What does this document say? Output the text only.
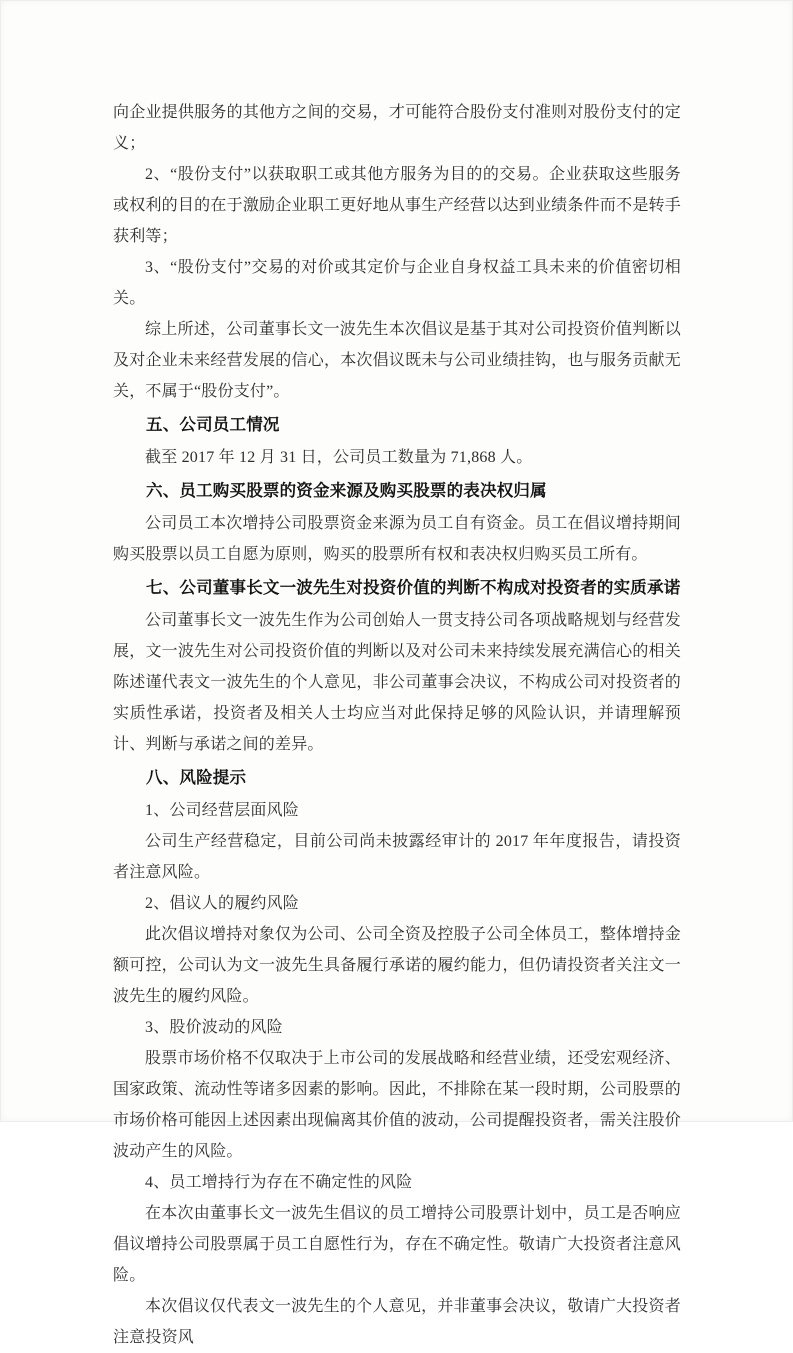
向企业提供服务的其他方之间的交易，才可能符合股份支付准则对股份支付的定义；

2、“股份支付”以获取职工或其他方服务为目的的交易。企业获取这些服务或权利的目的在于激励企业职工更好地从事生产经营以达到业绩条件而不是转手获利等；

3、“股份支付”交易的对价或其定价与企业自身权益工具未来的价值密切相关。

综上所述，公司董事长文一波先生本次倡议是基于其对公司投资价值判断以及对企业未来经营发展的信心，本次倡议既未与公司业绩挂钩，也与服务贡献无关，不属于“股份支付”。

五、公司员工情况

截至 2017 年 12 月 31 日，公司员工数量为 71,868 人。

六、员工购买股票的资金来源及购买股票的表决权归属

公司员工本次增持公司股票资金来源为员工自有资金。员工在倡议增持期间购买股票以员工自愿为原则，购买的股票所有权和表决权归购买员工所有。

七、公司董事长文一波先生对投资价值的判断不构成对投资者的实质承诺

公司董事长文一波先生作为公司创始人一贯支持公司各项战略规划与经营发展，文一波先生对公司投资价值的判断以及对公司未来持续发展充满信心的相关陈述谨代表文一波先生的个人意见，非公司董事会决议，不构成公司对投资者的实质性承诺，投资者及相关人士均应当对此保持足够的风险认识，并请理解预计、判断与承诺之间的差异。

八、风险提示

1、公司经营层面风险

公司生产经营稳定，目前公司尚未披露经审计的 2017 年年度报告，请投资者注意风险。

2、倡议人的履约风险

此次倡议增持对象仅为公司、公司全资及控股子公司全体员工，整体增持金额可控，公司认为文一波先生具备履行承诺的履约能力，但仍请投资者关注文一波先生的履约风险。

3、股价波动的风险

股票市场价格不仅取决于上市公司的发展战略和经营业绩，还受宏观经济、国家政策、流动性等诸多因素的影响。因此，不排除在某一段时期，公司股票的市场价格可能因上述因素出现偏离其价值的波动，公司提醒投资者，需关注股价波动产生的风险。

4、员工增持行为存在不确定性的风险

在本次由董事长文一波先生倡议的员工增持公司股票计划中，员工是否响应倡议增持公司股票属于员工自愿性行为，存在不确定性。敬请广大投资者注意风险。

本次倡议仅代表文一波先生的个人意见，并非董事会决议，敬请广大投资者注意投资风
